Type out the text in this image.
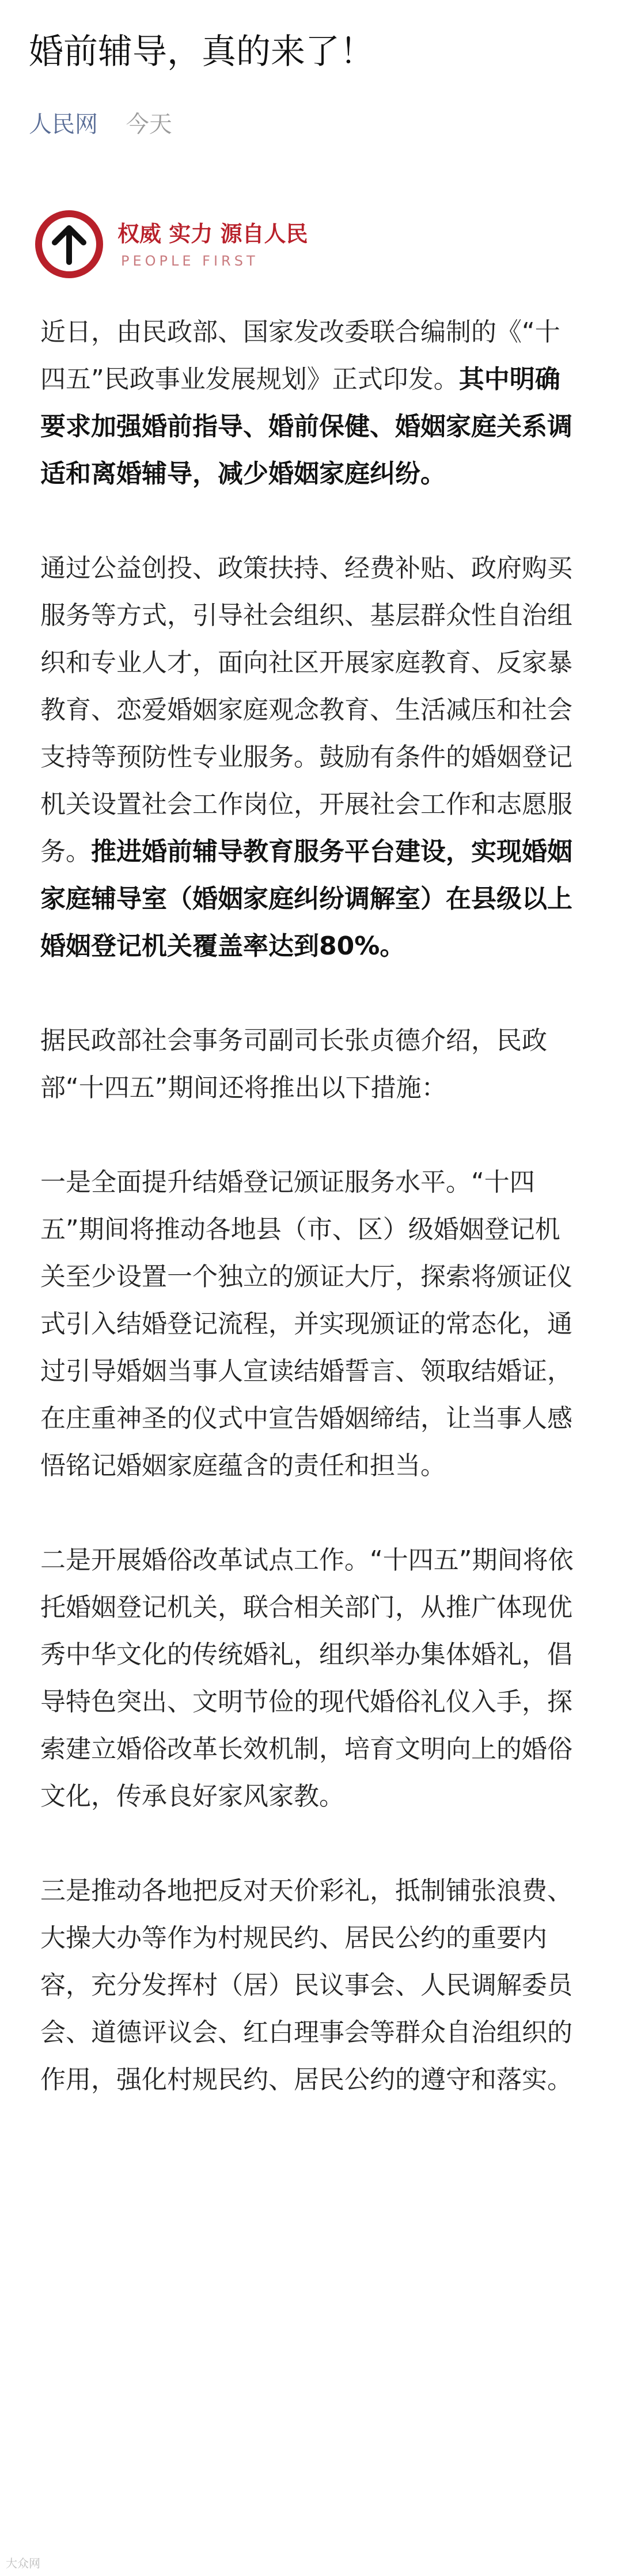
婚前辅导，真的来了！
人民网 今天
权威 实力 源自人民
PEOPLE FIRST

近日，由民政部、国家发改委联合编制的《“十四五”民政事业发展规划》正式印发。其中明确要求加强婚前指导、婚前保健、婚姻家庭关系调适和离婚辅导，减少婚姻家庭纠纷。

通过公益创投、政策扶持、经费补贴、政府购买服务等方式，引导社会组织、基层群众性自治组织和专业人才，面向社区开展家庭教育、反家暴教育、恋爱婚姻家庭观念教育、生活减压和社会支持等预防性专业服务。鼓励有条件的婚姻登记机关设置社会工作岗位，开展社会工作和志愿服务。推进婚前辅导教育服务平台建设，实现婚姻家庭辅导室（婚姻家庭纠纷调解室）在县级以上婚姻登记机关覆盖率达到80%。

据民政部社会事务司副司长张贞德介绍，民政部“十四五”期间还将推出以下措施：

一是全面提升结婚登记颁证服务水平。“十四五”期间将推动各地县（市、区）级婚姻登记机关至少设置一个独立的颁证大厅，探索将颁证仪式引入结婚登记流程，并实现颁证的常态化，通过引导婚姻当事人宣读结婚誓言、领取结婚证，在庄重神圣的仪式中宣告婚姻缔结，让当事人感悟铭记婚姻家庭蕴含的责任和担当。

二是开展婚俗改革试点工作。“十四五”期间将依托婚姻登记机关，联合相关部门，从推广体现优秀中华文化的传统婚礼，组织举办集体婚礼，倡导特色突出、文明节俭的现代婚俗礼仪入手，探索建立婚俗改革长效机制，培育文明向上的婚俗文化，传承良好家风家教。

三是推动各地把反对天价彩礼，抵制铺张浪费、大操大办等作为村规民约、居民公约的重要内容，充分发挥村（居）民议事会、人民调解委员会、道德评议会、红白理事会等群众自治组织的作用，强化村规民约、居民公约的遵守和落实。

大众网
